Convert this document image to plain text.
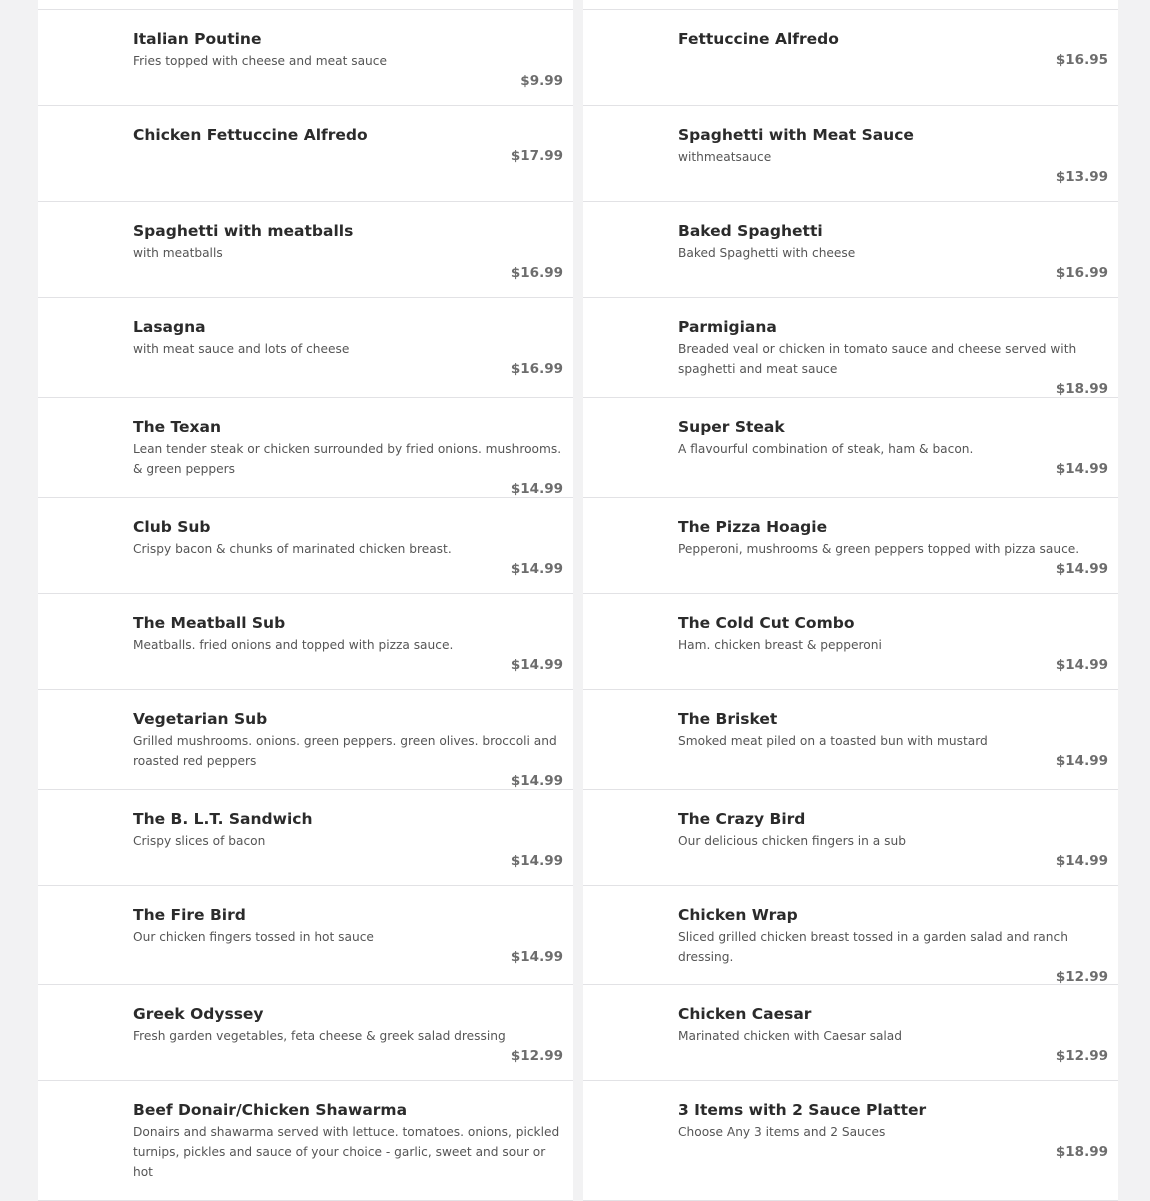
Italian Poutine
Fries topped with cheese and meat sauce
$9.99
Chicken Fettuccine Alfredo
$17.99
Spaghetti with meatballs
with meatballs
$16.99
Lasagna
with meat sauce and lots of cheese
$16.99
The Texan
Lean tender steak or chicken surrounded by fried onions. mushrooms. & green peppers
$14.99
Club Sub
Crispy bacon & chunks of marinated chicken breast.
$14.99
The Meatball Sub
Meatballs. fried onions and topped with pizza sauce.
$14.99
Vegetarian Sub
Grilled mushrooms. onions. green peppers. green olives. broccoli and roasted red peppers
$14.99
The B. L.T. Sandwich
Crispy slices of bacon
$14.99
The Fire Bird
Our chicken fingers tossed in hot sauce
$14.99
Greek Odyssey
Fresh garden vegetables, feta cheese & greek salad dressing
$12.99
Beef Donair/Chicken Shawarma
Donairs and shawarma served with lettuce. tomatoes. onions, pickled turnips, pickles and sauce of your choice - garlic, sweet and sour or hot
Fettuccine Alfredo
$16.95
Spaghetti with Meat Sauce
withmeatsauce
$13.99
Baked Spaghetti
Baked Spaghetti with cheese
$16.99
Parmigiana
Breaded veal or chicken in tomato sauce and cheese served with spaghetti and meat sauce
$18.99
Super Steak
A flavourful combination of steak, ham & bacon.
$14.99
The Pizza Hoagie
Pepperoni, mushrooms & green peppers topped with pizza sauce.
$14.99
The Cold Cut Combo
Ham. chicken breast & pepperoni
$14.99
The Brisket
Smoked meat piled on a toasted bun with mustard
$14.99
The Crazy Bird
Our delicious chicken fingers in a sub
$14.99
Chicken Wrap
Sliced grilled chicken breast tossed in a garden salad and ranch dressing.
$12.99
Chicken Caesar
Marinated chicken with Caesar salad
$12.99
3 Items with 2 Sauce Platter
Choose Any 3 items and 2 Sauces
$18.99
